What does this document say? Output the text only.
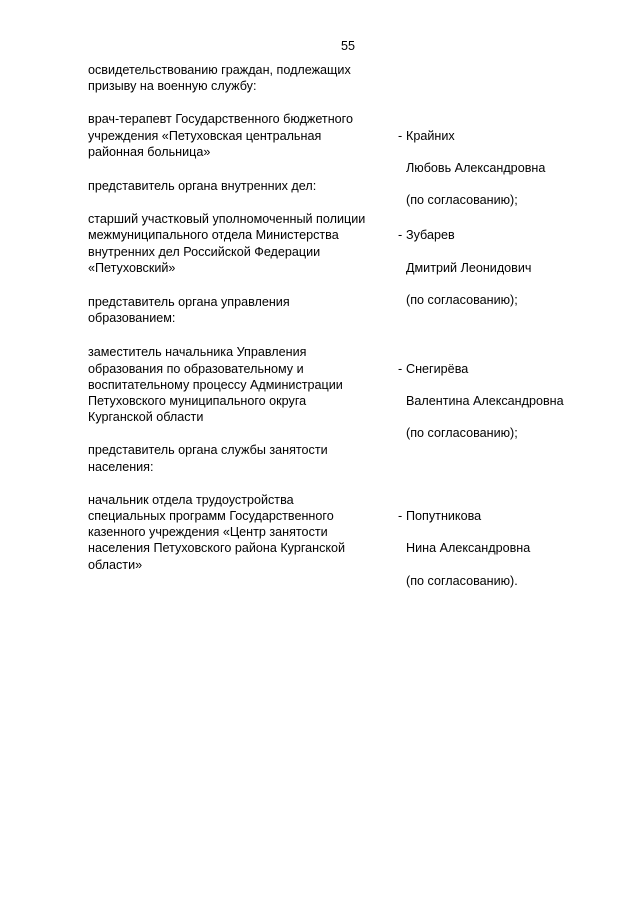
55
освидетельствованию граждан, подлежащих
призыву на военную службу:
врач-терапевт Государственного бюджетного
учреждения «Петуховская центральная
районная больница»

- Крайних

Любовь Александровна

(по согласованию);

представитель органа внутренних дел:
старший участковый уполномоченный полиции
межмуниципального отдела Министерства
внутренних дел Российской Федерации
«Петуховский»

- Зубарев

Дмитрий Леонидович

(по согласованию);

представитель органа управления
образованием:
заместитель начальника Управления
образования по образовательному и
воспитательному процессу Администрации
Петуховского муниципального округа
Курганской области

- Снегирёва

Валентина Александровна

(по согласованию);

представитель органа службы занятости
населения:
начальник отдела трудоустройства
специальных программ Государственного
казенного учреждения «Центр занятости
населения Петуховского района Курганской
области»

- Попутникова

Нина Александровна

(по согласованию).
